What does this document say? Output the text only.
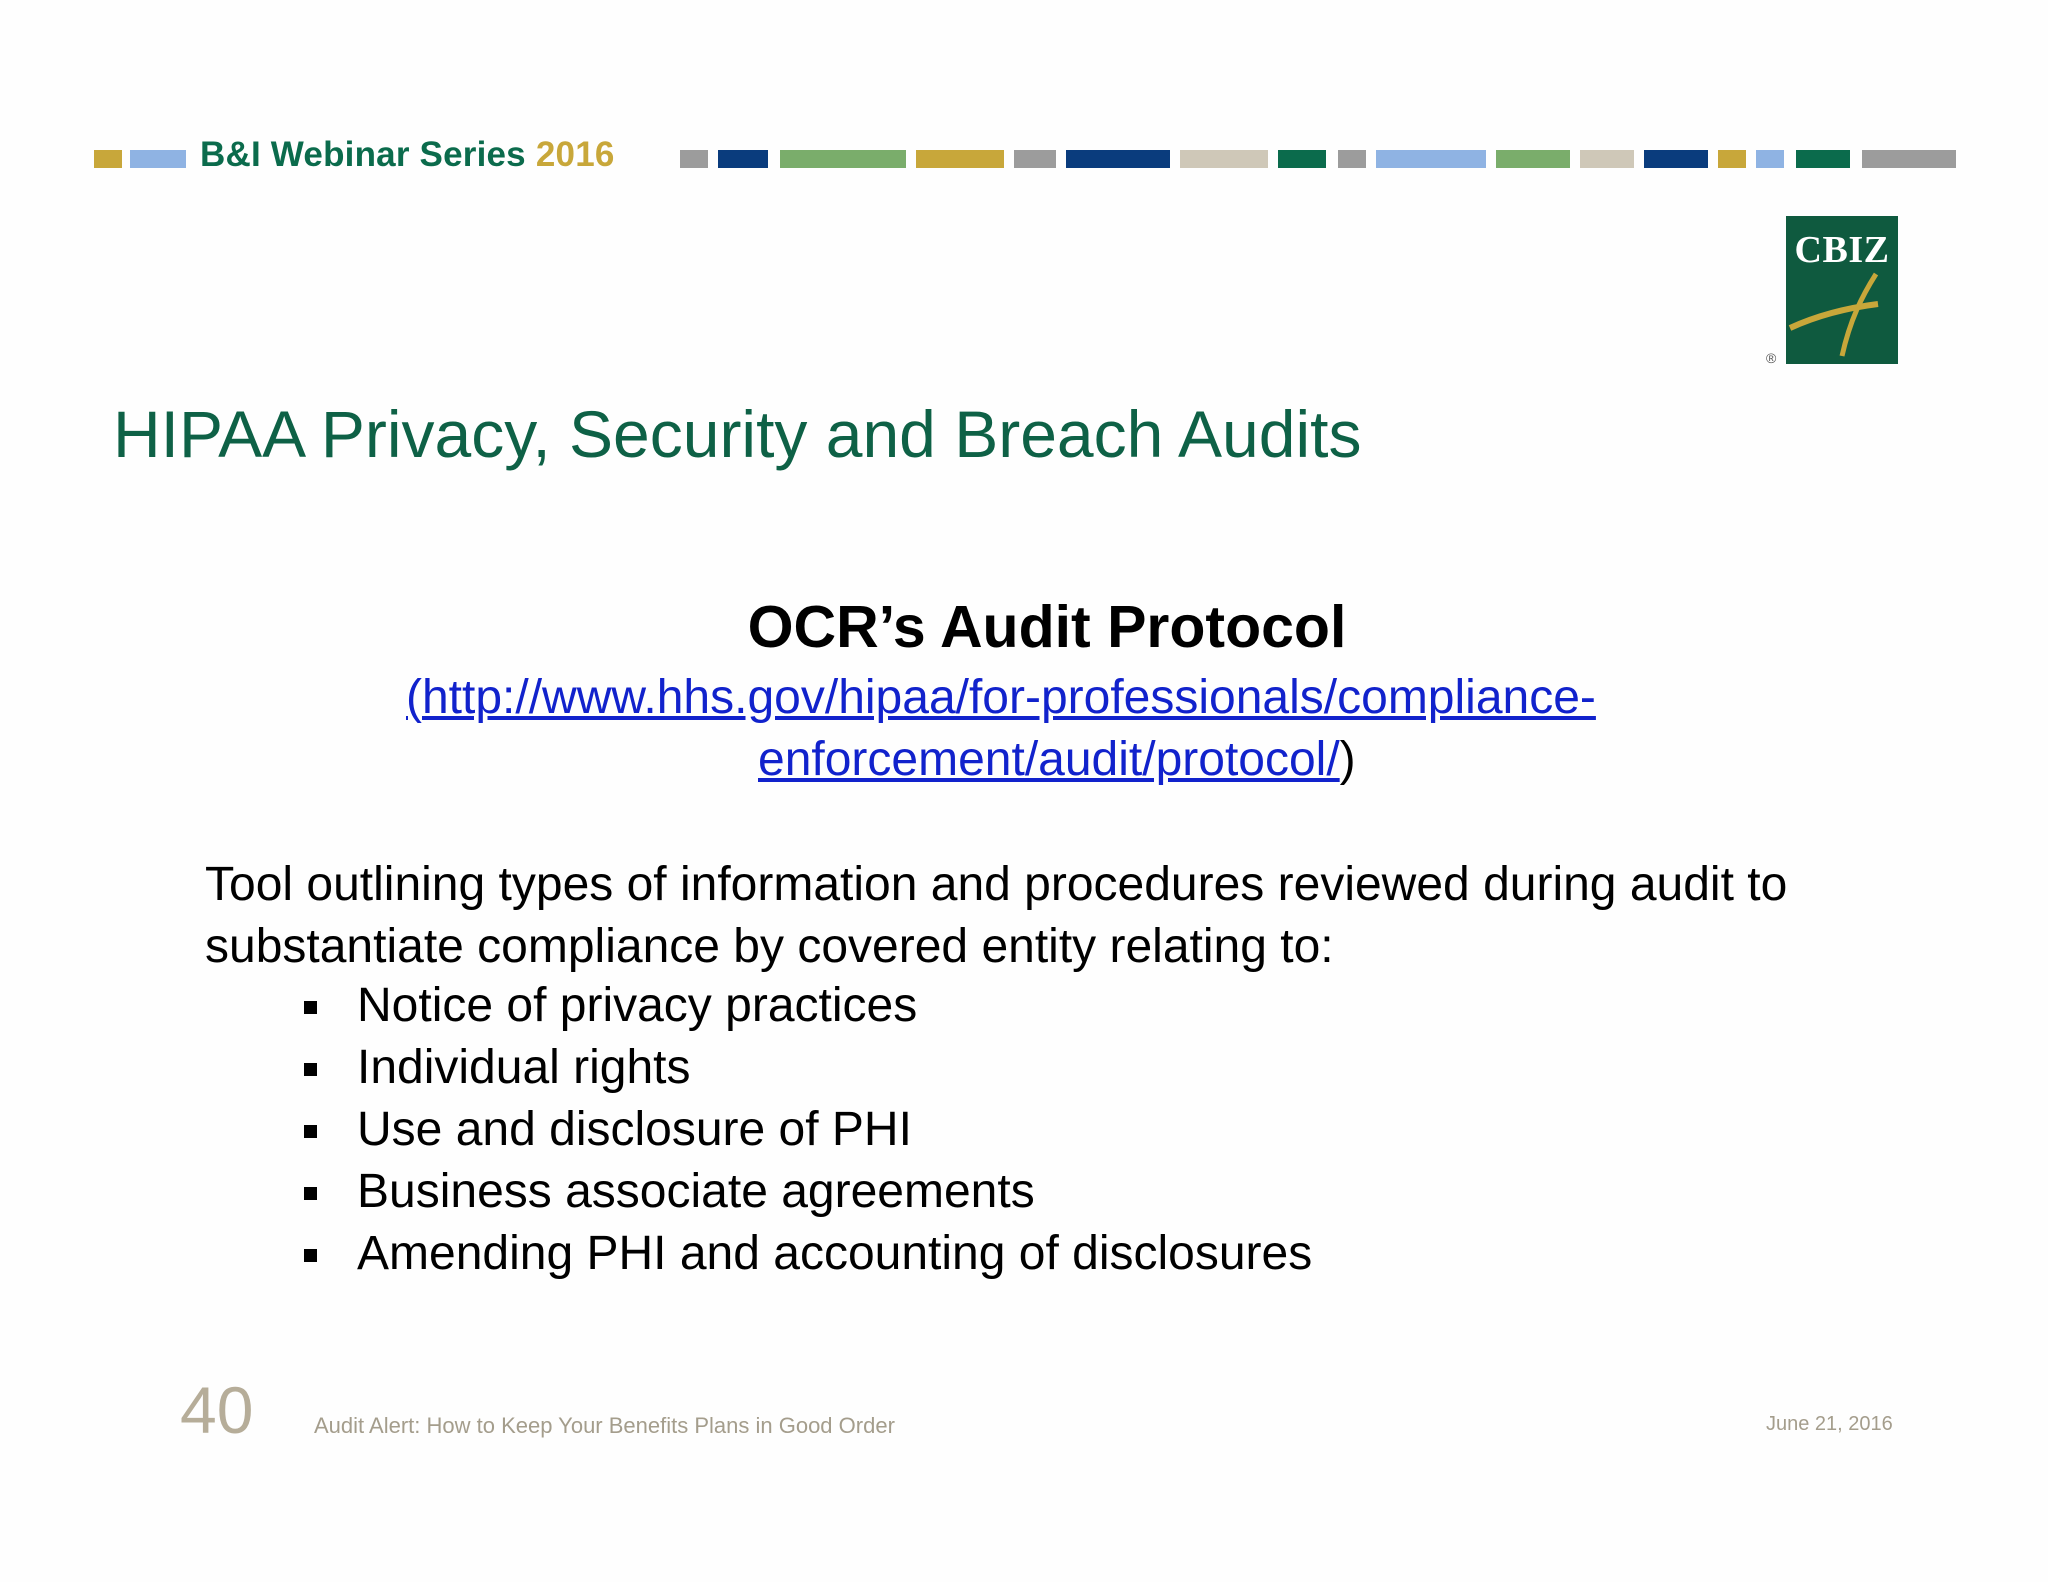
B&I Webinar Series 2016
CBIZ
®
HIPAA Privacy, Security and Breach Audits
OCR’s Audit Protocol
(http://www.hhs.gov/hipaa/for-professionals/compliance-
enforcement/audit/protocol/)
Tool outlining types of information and procedures reviewed during audit to substantiate compliance by covered entity relating to:
Notice of privacy practices
Individual rights
Use and disclosure of PHI
Business associate agreements
Amending PHI and accounting of disclosures
40	Audit Alert: How to Keep Your Benefits Plans in Good Order	June 21, 2016
